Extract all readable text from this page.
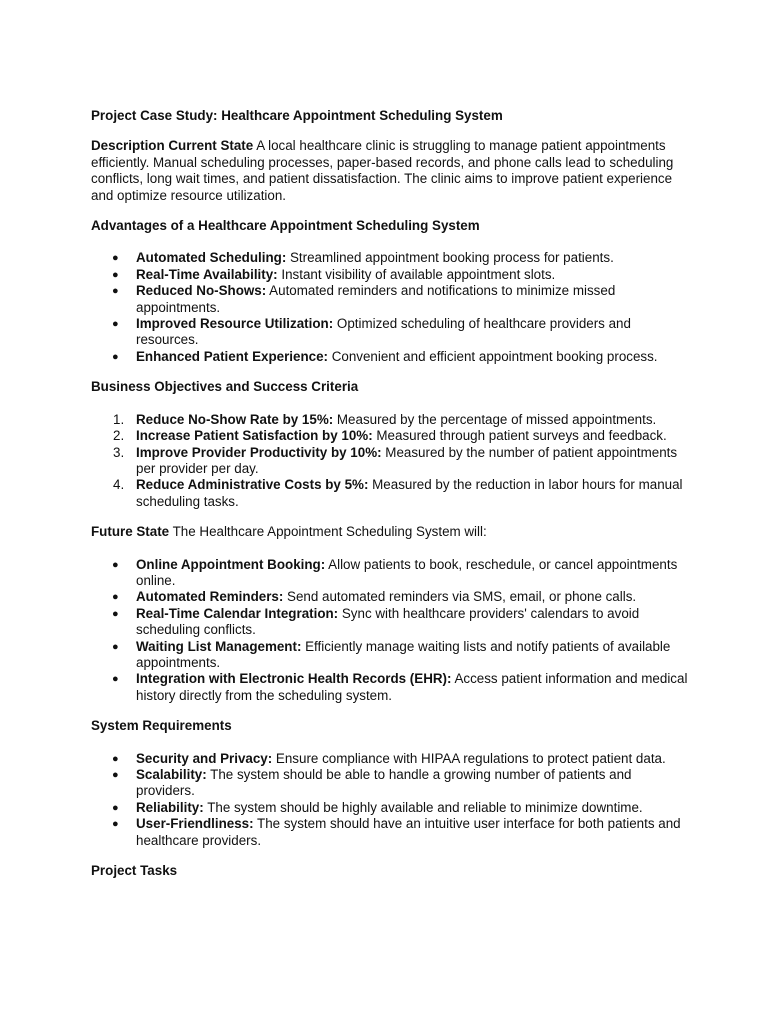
Project Case Study: Healthcare Appointment Scheduling System

Description Current State A local healthcare clinic is struggling to manage patient appointments efficiently. Manual scheduling processes, paper-based records, and phone calls lead to scheduling conflicts, long wait times, and patient dissatisfaction. The clinic aims to improve patient experience and optimize resource utilization.

Advantages of a Healthcare Appointment Scheduling System

● Automated Scheduling: Streamlined appointment booking process for patients.
● Real-Time Availability: Instant visibility of available appointment slots.
● Reduced No-Shows: Automated reminders and notifications to minimize missed appointments.
● Improved Resource Utilization: Optimized scheduling of healthcare providers and resources.
● Enhanced Patient Experience: Convenient and efficient appointment booking process.

Business Objectives and Success Criteria

1. Reduce No-Show Rate by 15%: Measured by the percentage of missed appointments.
2. Increase Patient Satisfaction by 10%: Measured through patient surveys and feedback.
3. Improve Provider Productivity by 10%: Measured by the number of patient appointments per provider per day.
4. Reduce Administrative Costs by 5%: Measured by the reduction in labor hours for manual scheduling tasks.

Future State The Healthcare Appointment Scheduling System will:

● Online Appointment Booking: Allow patients to book, reschedule, or cancel appointments online.
● Automated Reminders: Send automated reminders via SMS, email, or phone calls.
● Real-Time Calendar Integration: Sync with healthcare providers' calendars to avoid scheduling conflicts.
● Waiting List Management: Efficiently manage waiting lists and notify patients of available appointments.
● Integration with Electronic Health Records (EHR): Access patient information and medical history directly from the scheduling system.

System Requirements

● Security and Privacy: Ensure compliance with HIPAA regulations to protect patient data.
● Scalability: The system should be able to handle a growing number of patients and providers.
● Reliability: The system should be highly available and reliable to minimize downtime.
● User-Friendliness: The system should have an intuitive user interface for both patients and healthcare providers.

Project Tasks
